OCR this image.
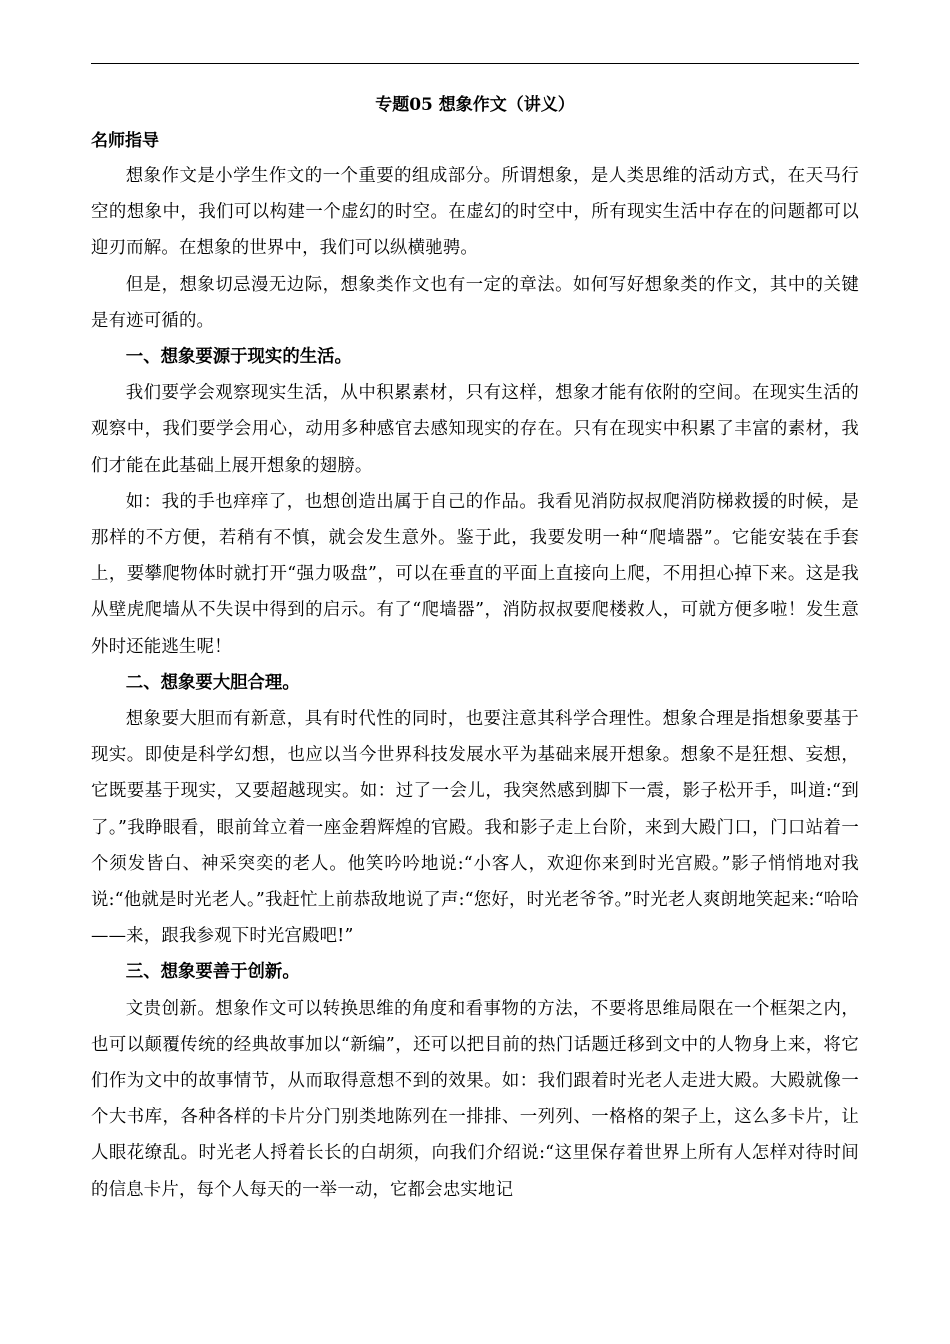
专题05 想象作文（讲义）
名师指导

想象作文是小学生作文的一个重要的组成部分。所谓想象，是人类思维的活动方式，在天马行空的想象中，我们可以构建一个虚幻的时空。在虚幻的时空中，所有现实生活中存在的问题都可以迎刃而解。在想象的世界中，我们可以纵横驰骋。

但是，想象切忌漫无边际，想象类作文也有一定的章法。如何写好想象类的作文，其中的关键是有迹可循的。

一、想象要源于现实的生活。

我们要学会观察现实生活，从中积累素材，只有这样，想象才能有依附的空间。在现实生活的观察中，我们要学会用心，动用多种感官去感知现实的存在。只有在现实中积累了丰富的素材，我们才能在此基础上展开想象的翅膀。

如：我的手也痒痒了，也想创造出属于自己的作品。我看见消防叔叔爬消防梯救援的时候，是那样的不方便，若稍有不慎，就会发生意外。鉴于此，我要发明一种“爬墙器”。它能安装在手套上，要攀爬物体时就打开“强力吸盘”，可以在垂直的平面上直接向上爬，不用担心掉下来。这是我从壁虎爬墙从不失误中得到的启示。有了“爬墙器”，消防叔叔要爬楼救人，可就方便多啦！发生意外时还能逃生呢！

二、想象要大胆合理。

想象要大胆而有新意，具有时代性的同时，也要注意其科学合理性。想象合理是指想象要基于现实。即使是科学幻想，也应以当今世界科技发展水平为基础来展开想象。想象不是狂想、妄想，它既要基于现实，又要超越现实。如：过了一会儿，我突然感到脚下一震，影子松开手，叫道:“到了。”我睁眼看，眼前耸立着一座金碧辉煌的官殿。我和影子走上台阶，来到大殿门口，门口站着一个须发皆白、神采突奕的老人。他笑吟吟地说:“小客人，欢迎你来到时光宫殿。”影子悄悄地对我说:“他就是时光老人。”我赶忙上前恭敌地说了声:“您好，时光老爷爷。”时光老人爽朗地笑起来:“哈哈——来，跟我参观下时光宫殿吧!”

三、想象要善于创新。

文贵创新。想象作文可以转换思维的角度和看事物的方法，不要将思维局限在一个框架之内，也可以颠覆传统的经典故事加以“新编”，还可以把目前的热门话题迁移到文中的人物身上来，将它们作为文中的故事情节，从而取得意想不到的效果。如：我们跟着时光老人走进大殿。大殿就像一个大书库，各种各样的卡片分门别类地陈列在一排排、一列列、一格格的架子上，这么多卡片，让人眼花缭乱。时光老人捋着长长的白胡须，向我们介绍说:“这里保存着世界上所有人怎样对待时间的信息卡片，每个人每天的一举一动，它都会忠实地记
